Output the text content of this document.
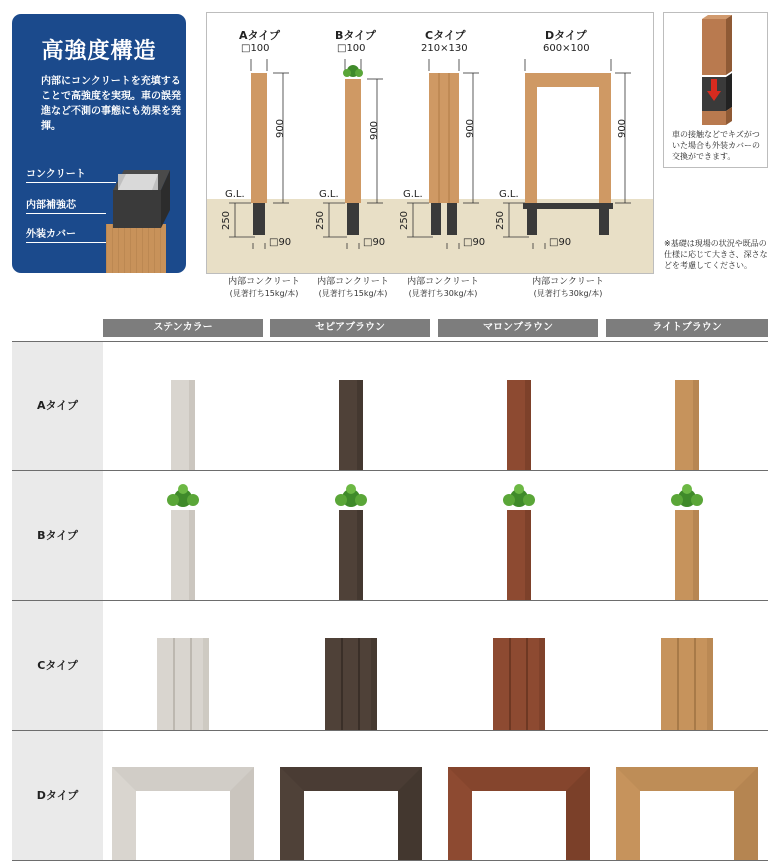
高強度構造
内部にコンクリートを充填することで高強度を実現。車の誤発進など不測の事態にも効果を発揮。
コンクリート
内部補強芯
外装カバー
Aタイプ
□100
Bタイプ
□100
Cタイプ
210×130
Dタイプ
600×100
900	900	900	900
G.L.	G.L.	G.L.	G.L.
250	250	250	250
□90	□90	□90	□90
内部コンクリート
(見著打ち15kg/本)
内部コンクリート
(見著打ち15kg/本)
内部コンクリート
(見著打ち30kg/本)
内部コンクリート
(見著打ち30kg/本)
車の接触などでキズがついた場合も外装カバーの交換ができます。
※基礎は現場の状況や既品の仕様に応じて大きさ、深さなどを考慮してください。
ステンカラー	セピアブラウン	マロンブラウン	ライトブラウン
Aタイプ
Bタイプ
Cタイプ
Dタイプ
